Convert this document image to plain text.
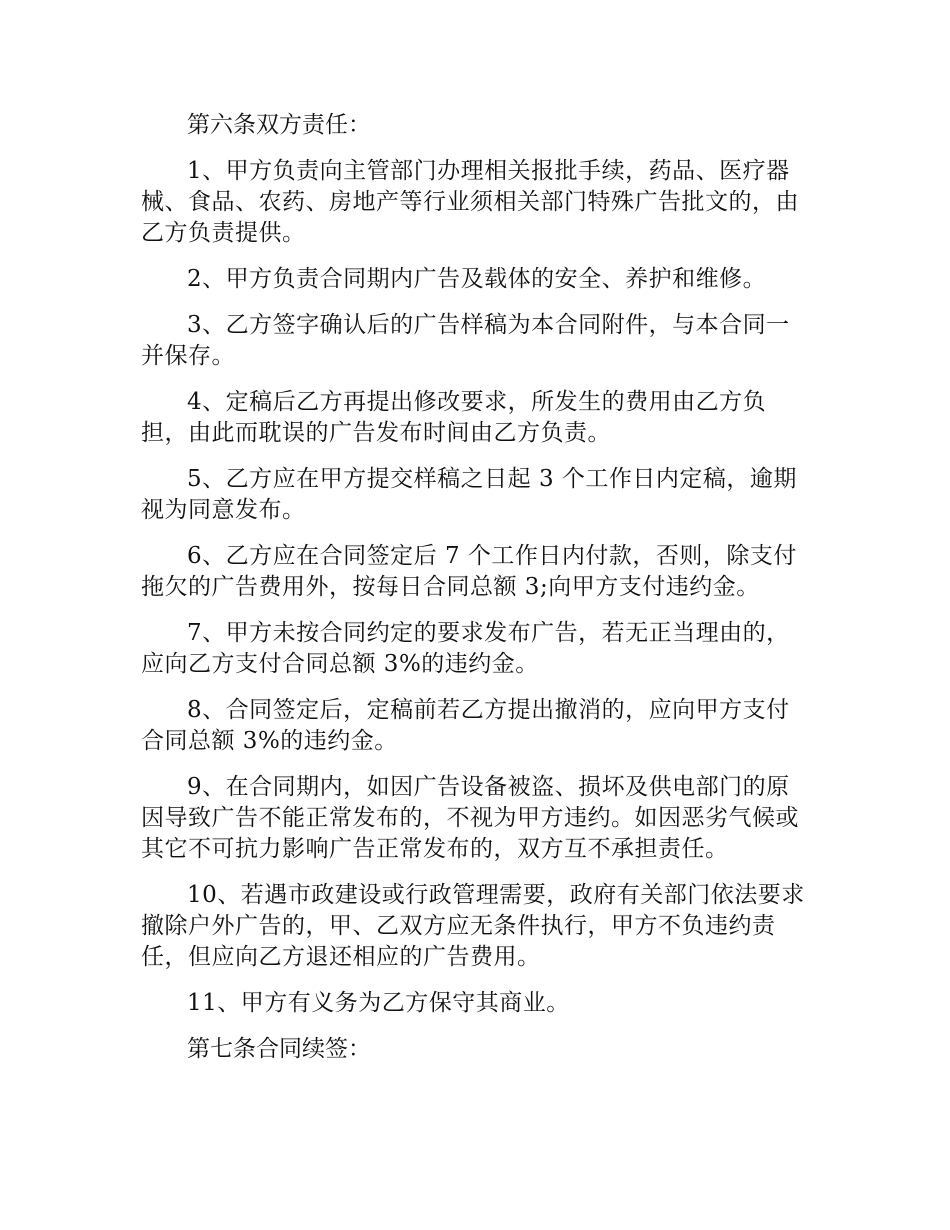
第六条双方责任：

1、甲方负责向主管部门办理相关报批手续，药品、医疗器械、食品、农药、房地产等行业须相关部门特殊广告批文的，由乙方负责提供。

2、甲方负责合同期内广告及载体的安全、养护和维修。

3、乙方签字确认后的广告样稿为本合同附件，与本合同一并保存。

4、定稿后乙方再提出修改要求，所发生的费用由乙方负担，由此而耽误的广告发布时间由乙方负责。

5、乙方应在甲方提交样稿之日起 3 个工作日内定稿，逾期视为同意发布。

6、乙方应在合同签定后 7 个工作日内付款，否则，除支付拖欠的广告费用外，按每日合同总额 3;向甲方支付违约金。

7、甲方未按合同约定的要求发布广告，若无正当理由的，应向乙方支付合同总额 3%的违约金。

8、合同签定后，定稿前若乙方提出撤消的，应向甲方支付合同总额 3%的违约金。

9、在合同期内，如因广告设备被盗、损坏及供电部门的原因导致广告不能正常发布的，不视为甲方违约。如因恶劣气候或其它不可抗力影响广告正常发布的，双方互不承担责任。

10、若遇市政建设或行政管理需要，政府有关部门依法要求撤除户外广告的，甲、乙双方应无条件执行，甲方不负违约责任，但应向乙方退还相应的广告费用。

11、甲方有义务为乙方保守其商业。

第七条合同续签：
